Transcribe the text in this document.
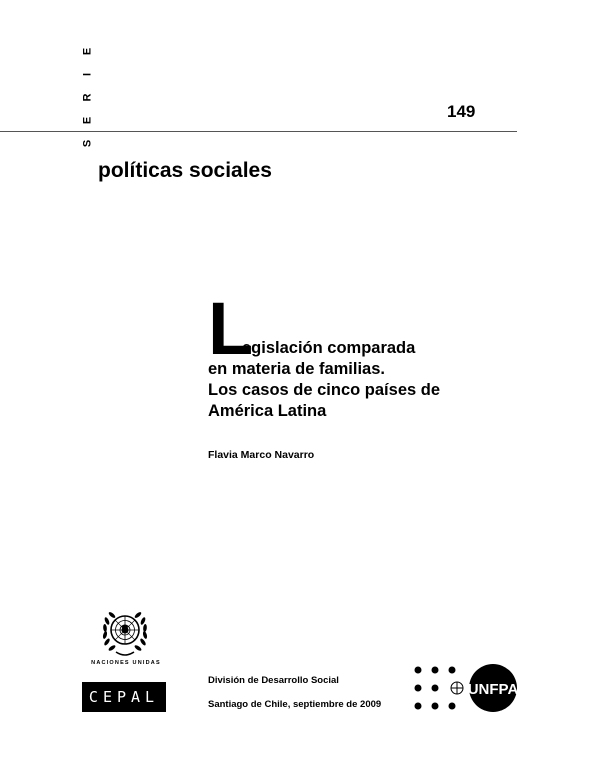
S
E
R
I
E
149
políticas sociales
L
egislación comparada
en materia de familias.
Los casos de cinco países de
América Latina
Flavia Marco Navarro
NACIONES UNIDAS
CEPAL
División de Desarrollo Social
Santiago de Chile, septiembre de 2009
UNFPA
